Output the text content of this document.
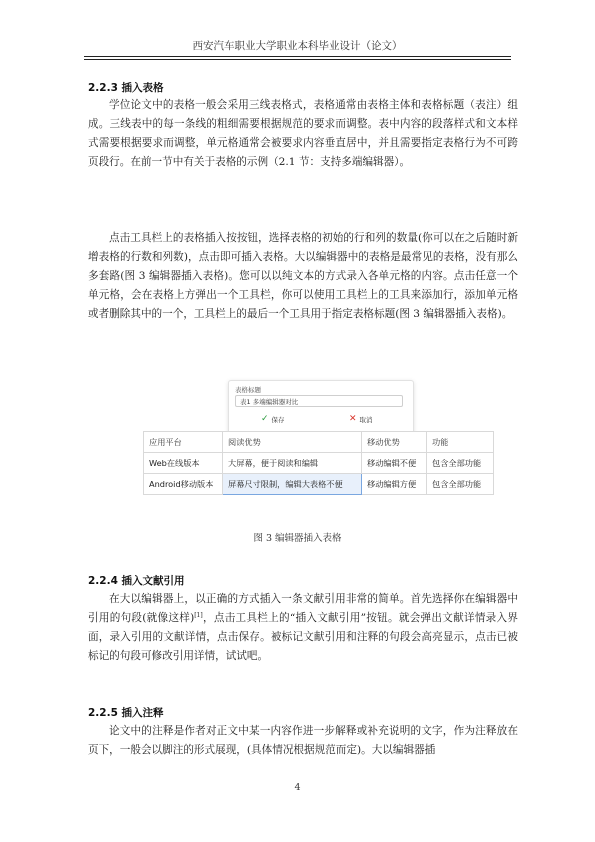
西安汽车职业大学职业本科毕业设计（论文）
2.2.3 插入表格

学位论文中的表格一般会采用三线表格式，表格通常由表格主体和表格标题（表注）组成。三线表中的每一条线的粗细需要根据规范的要求而调整。表中内容的段落样式和文本样式需要根据要求而调整，单元格通常会被要求内容垂直居中，并且需要指定表格行为不可跨页段行。在前一节中有关于表格的示例（2.1 节：支持多端编辑器）。

点击工具栏上的表格插入按按钮，选择表格的初始的行和列的数量(你可以在之后随时新增表格的行数和列数)，点击即可插入表格。大以编辑器中的表格是最常见的表格，没有那么多套路(图 3 编辑器插入表格)。您可以以纯文本的方式录入各单元格的内容。点击任意一个单元格，会在表格上方弹出一个工具栏，你可以使用工具栏上的工具来添加行，添加单元格或者删除其中的一个，工具栏上的最后一个工具用于指定表格标题(图 3 编辑器插入表格)。

表格标题
表1 多端编辑器对比
✓ 保存	✕ 取消
应用平台	阅读优势	移动优势	功能
Web在线版本	大屏幕，便于阅读和编辑	移动编辑不便	包含全部功能
Android移动版本	屏幕尺寸限制，编辑大表格不便	移动编辑方便	包含全部功能
图 3 编辑器插入表格
2.2.4 插入文献引用

在大以编辑器上，以正确的方式插入一条文献引用非常的简单。首先选择你在编辑器中引用的句段(就像这样)[1]，点击工具栏上的“插入文献引用”按钮。就会弹出文献详情录入界面，录入引用的文献详情，点击保存。被标记文献引用和注释的句段会高亮显示，点击已被标记的句段可修改引用详情，试试吧。

2.2.5 插入注释

论文中的注释是作者对正文中某一内容作进一步解释或补充说明的文字，作为注释放在页下，一般会以脚注的形式展现，(具体情况根据规范而定)。大以编辑器插

4
